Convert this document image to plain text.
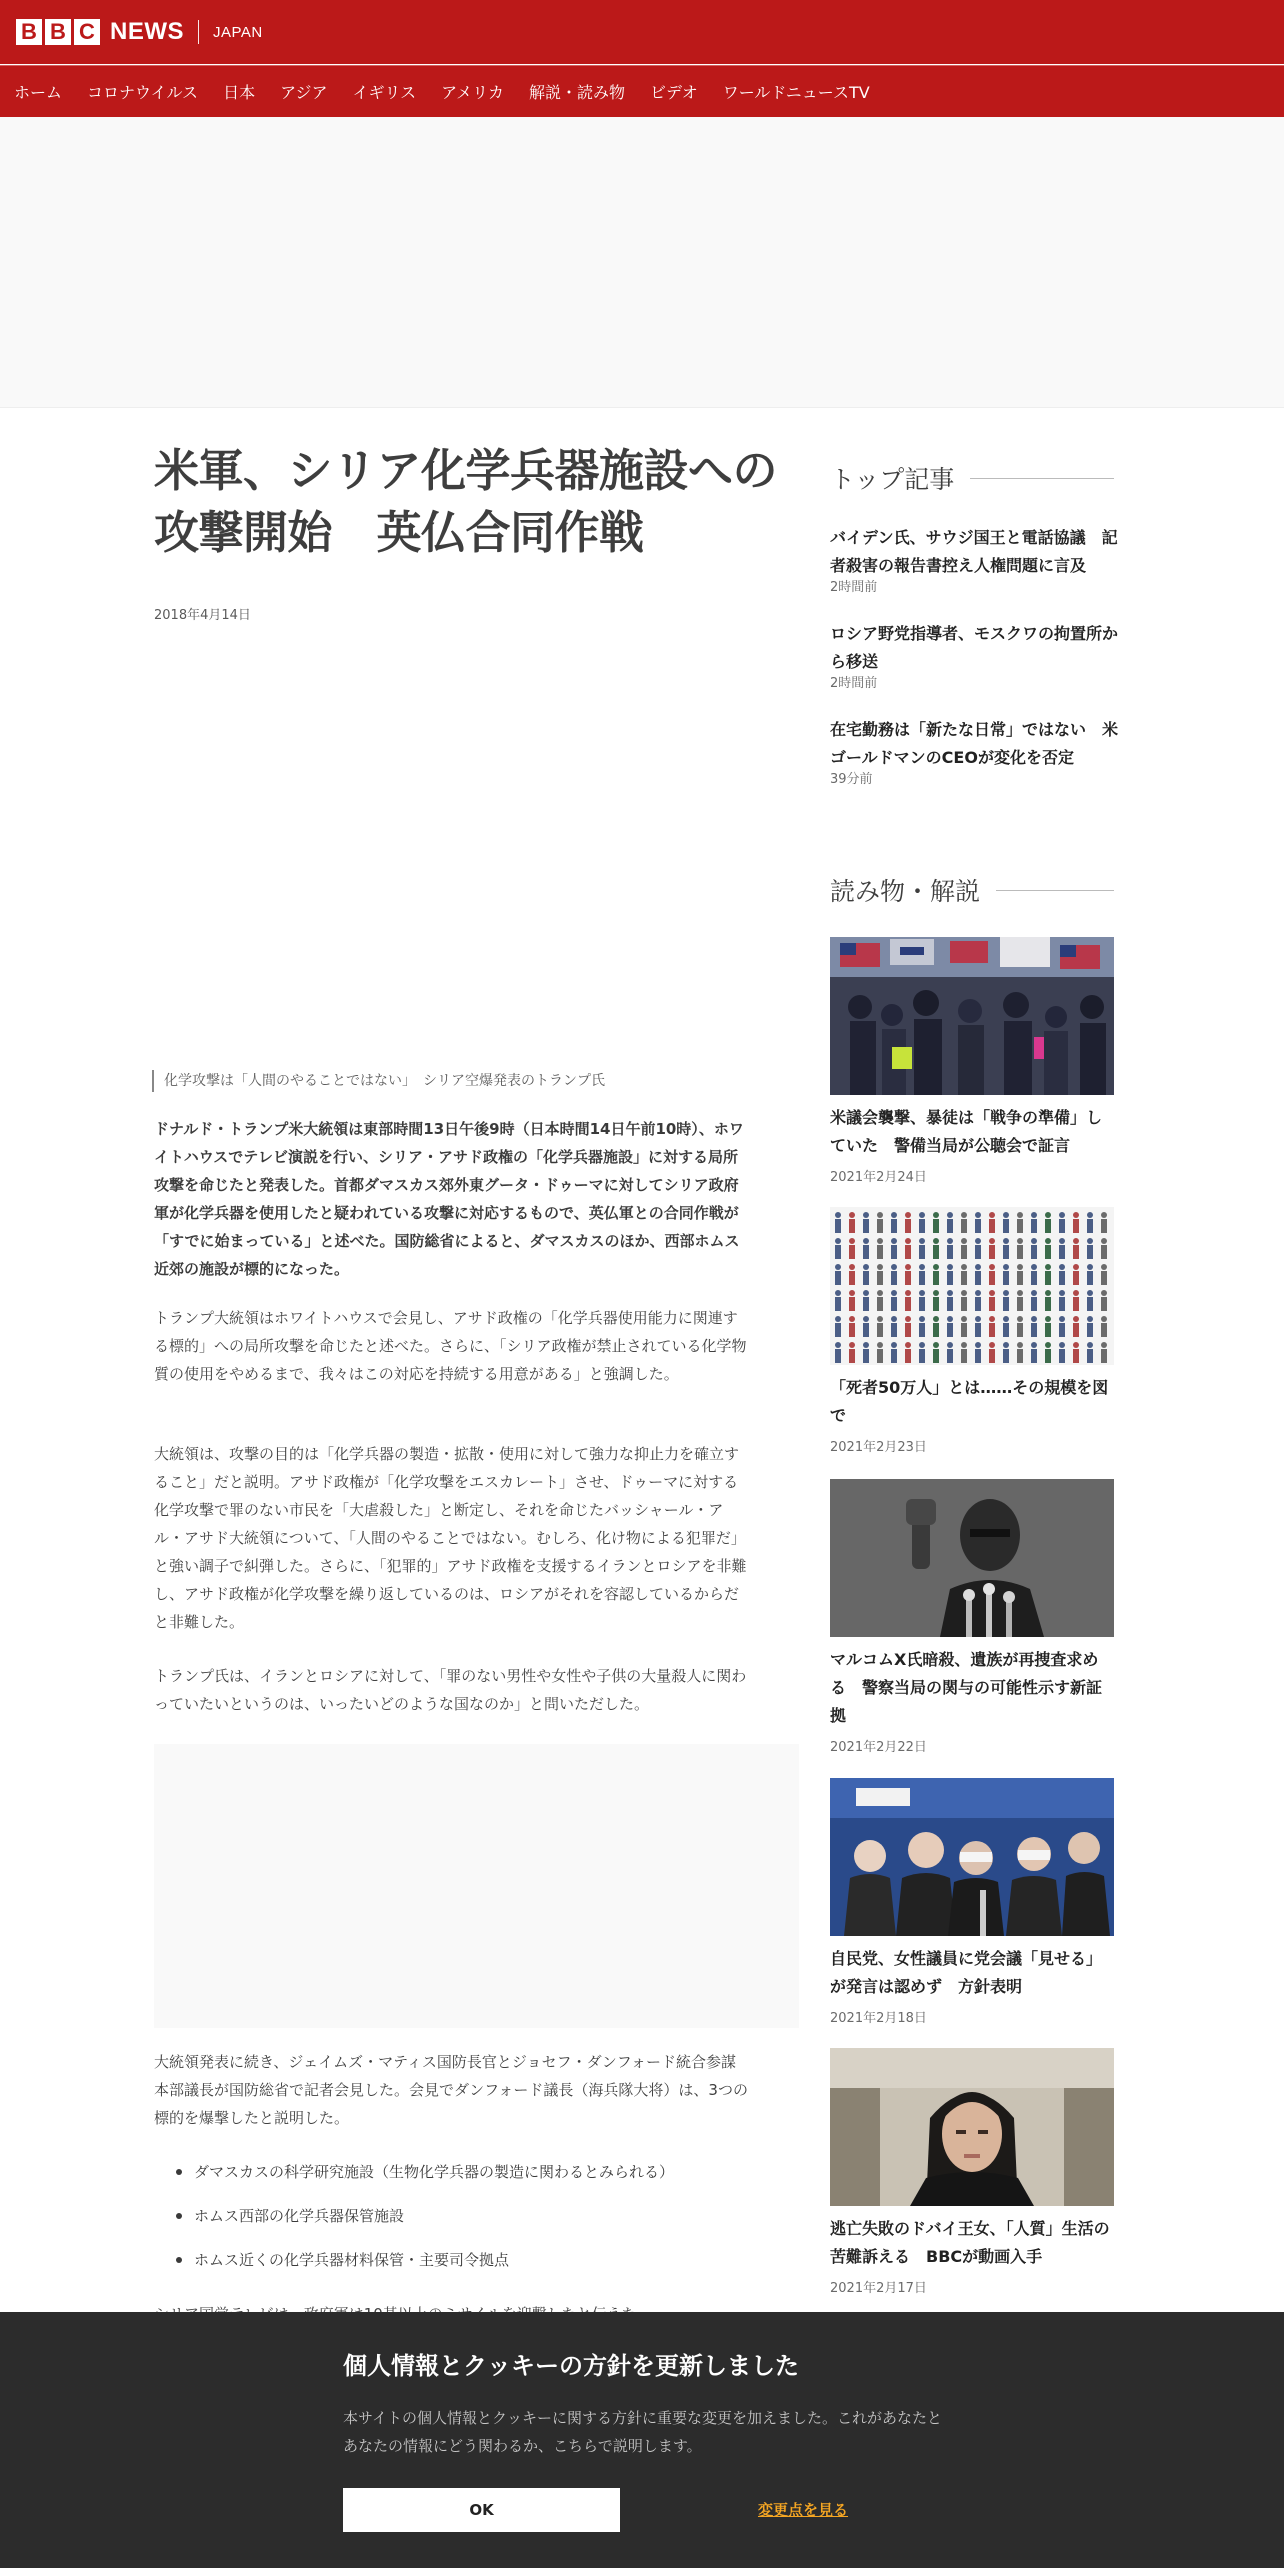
B B C NEWS JAPAN
ホーム コロナウイルス 日本 アジア イギリス アメリカ 解説・読み物 ビデオ ワールドニュースTV
米軍、シリア化学兵器施設への攻撃開始　英仏合同作戦
2018年4月14日
化学攻撃は「人間のやることではない」　シリア空爆発表のトランプ氏

ドナルド・トランプ米大統領は東部時間13日午後9時（日本時間14日午前10時）、ホワイトハウスでテレビ演説を行い、シリア・アサド政権の「化学兵器施設」に対する局所攻撃を命じたと発表した。首都ダマスカス郊外東グータ・ドゥーマに対してシリア政府軍が化学兵器を使用したと疑われている攻撃に対応するもので、英仏軍との合同作戦が「すでに始まっている」と述べた。国防総省によると、ダマスカスのほか、西部ホムス近郊の施設が標的になった。

トランプ大統領はホワイトハウスで会見し、アサド政権の「化学兵器使用能力に関連する標的」への局所攻撃を命じたと述べた。さらに、「シリア政権が禁止されている化学物質の使用をやめるまで、我々はこの対応を持続する用意がある」と強調した。

大統領は、攻撃の目的は「化学兵器の製造・拡散・使用に対して強力な抑止力を確立すること」だと説明。アサド政権が「化学攻撃をエスカレート」させ、ドゥーマに対する化学攻撃で罪のない市民を「大虐殺した」と断定し、それを命じたバッシャール・アル・アサド大統領について、「人間のやることではない。むしろ、化け物による犯罪だ」と強い調子で糾弾した。さらに、「犯罪的」アサド政権を支援するイランとロシアを非難し、アサド政権が化学攻撃を繰り返しているのは、ロシアがそれを容認しているからだと非難した。

トランプ氏は、イランとロシアに対して、「罪のない男性や女性や子供の大量殺人に関わっていたいというのは、いったいどのような国なのか」と問いただした。

大統領発表に続き、ジェイムズ・マティス国防長官とジョセフ・ダンフォード統合参謀本部議長が国防総省で記者会見した。会見でダンフォード議長（海兵隊大将）は、3つの標的を爆撃したと説明した。

ダマスカスの科学研究施設（生物化学兵器の製造に関わるとみられる）
ホムス西部の化学兵器保管施設
ホムス近くの化学兵器材料保管・主要司令拠点

トップ記事
バイデン氏、サウジ国王と電話協議　記者殺害の報告書控え人権問題に言及
2時間前
ロシア野党指導者、モスクワの拘置所から移送
2時間前
在宅勤務は「新たな日常」ではない　米ゴールドマンのCEOが変化を否定
39分前
読み物・解説
米議会襲撃、暴徒は「戦争の準備」していた　警備当局が公聴会で証言
2021年2月24日
「死者50万人」とは……その規模を図で
2021年2月23日
マルコムX氏暗殺、遺族が再捜査求める　警察当局の関与の可能性示す新証拠
2021年2月22日
自民党、女性議員に党会議「見せる」が発言は認めず　方針表明
2021年2月18日
逃亡失敗のドバイ王女、「人質」生活の苦難訴える　BBCが動画入手
2021年2月17日
個人情報とクッキーの方針を更新しました

本サイトの個人情報とクッキーに関する方針に重要な変更を加えました。これがあなたとあなたの情報にどう関わるか、こちらで説明します。

OK	変更点を見る
